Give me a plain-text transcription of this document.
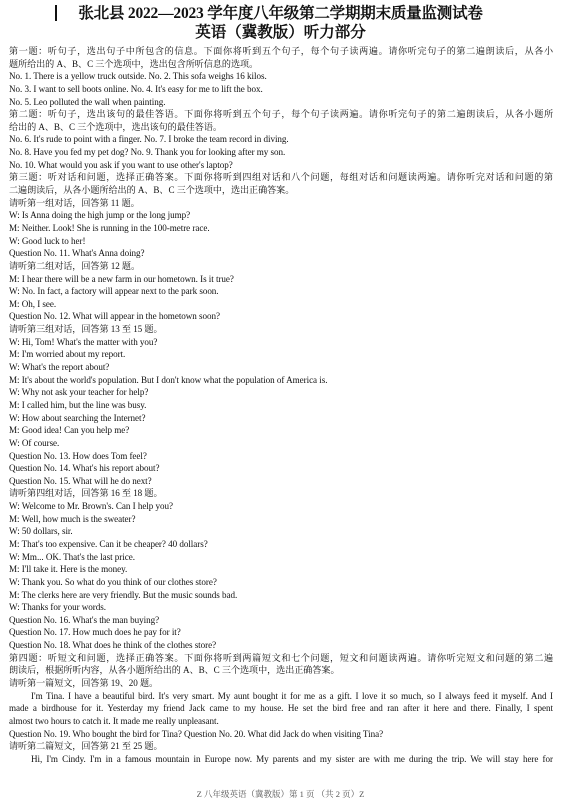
张北县 2022—2023 学年度八年级第二学期期末质量监测试卷
英语（冀教版）听力部分
第一题：听句子，选出句子中所包含的信息。下面你将听到五个句子，每个句子读两遍。请你听完句子的第二遍朗读后，从各小
题所给出的 A、B、C 三个选项中，选出包含所听信息的选项。
No. 1. There is a yellow truck outside. No. 2. This sofa weighs 16 kilos.
No. 3. I want to sell boots online. No. 4. It's easy for me to lift the box.
No. 5. Leo polluted the wall when painting.
第二题：听句子，选出该句的最佳答语。下面你将听到五个句子，每个句子读两遍。请你听完句子的第二遍朗读后，从各小题所
给出的 A、B、C 三个选项中，选出该句的最佳答语。
No. 6. It's rude to point with a finger. No. 7. I broke the team record in diving.
No. 8. Have you fed my pet dog? No. 9. Thank you for looking after my son.
No. 10. What would you ask if you want to use other's laptop?
第三题：听对话和问题，选择正确答案。下面你将听到四组对话和八个问题，每组对话和问题读两遍。请你听完对话和问题的第
二遍朗读后，从各小题所给出的 A、B、C 三个选项中，选出正确答案。
请听第一组对话，回答第 11 题。
W: Is Anna doing the high jump or the long jump?
M: Neither. Look! She is running in the 100-metre race.
W: Good luck to her!
Question No. 11. What's Anna doing?
请听第二组对话，回答第 12 题。
M: I hear there will be a new farm in our hometown. Is it true?
W: No. In fact, a factory will appear next to the park soon.
M: Oh, I see.
Question No. 12. What will appear in the hometown soon?
请听第三组对话，回答第 13 至 15 题。
W: Hi, Tom! What's the matter with you?
M: I'm worried about my report.
W: What's the report about?
M: It's about the world's population. But I don't know what the population of America is.
W: Why not ask your teacher for help?
M: I called him, but the line was busy.
W: How about searching the Internet?
M: Good idea! Can you help me?
W: Of course.
Question No. 13. How does Tom feel?
Question No. 14. What's his report about?
Question No. 15. What will he do next?
请听第四组对话，回答第 16 至 18 题。
W: Welcome to Mr. Brown's. Can I help you?
M: Well, how much is the sweater?
W: 50 dollars, sir.
M: That's too expensive. Can it be cheaper? 40 dollars?
W: Mm... OK. That's the last price.
M: I'll take it. Here is the money.
W: Thank you. So what do you think of our clothes store?
M: The clerks here are very friendly. But the music sounds bad.
W: Thanks for your words.
Question No. 16. What's the man buying?
Question No. 17. How much does he pay for it?
Question No. 18. What does he think of the clothes store?
第四题：听短文和问题，选择正确答案。下面你将听到两篇短文和七个问题，短文和问题读两遍。请你听完短文和问题的第二遍
朗读后，根据所听内容，从各小题所给出的 A、B、C 三个选项中，选出正确答案。
请听第一篇短文，回答第 19、20 题。
I'm Tina. I have a beautiful bird. It's very smart. My aunt bought it for me as a gift. I love it so much, so I always feed it myself. And I
made a birdhouse for it. Yesterday my friend Jack came to my house. He set the bird free and ran after it here and there. Finally, I spent
almost two hours to catch it. It made me really unpleasant.
Question No. 19. Who bought the bird for Tina? Question No. 20. What did Jack do when visiting Tina?
请听第二篇短文，回答第 21 至 25 题。
Hi, I'm Cindy. I'm in a famous mountain in Europe now. My parents and my sister are with me during the trip. We will stay here for
Z 八年级英语（冀教版）第 1 页 （共 2 页）Z
